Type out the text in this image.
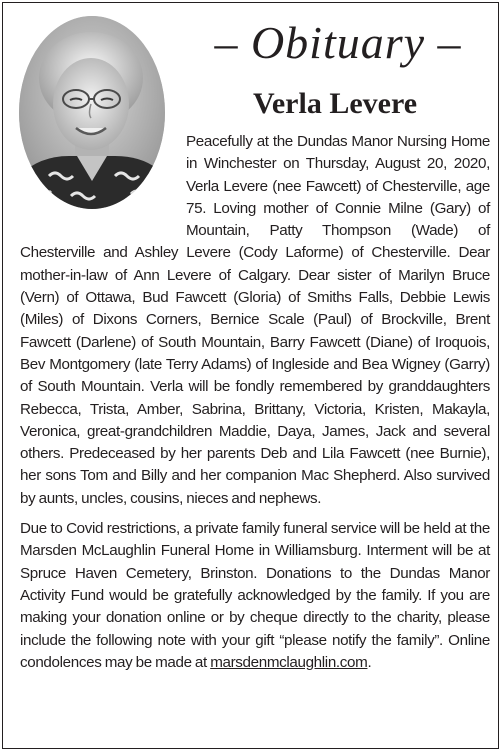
– Obituary –
Verla Levere

Peacefully at the Dundas Manor Nursing Home in Winchester on Thursday, August 20, 2020, Verla Levere (nee Fawcett) of Chesterville, age 75. Loving mother of Connie Milne (Gary) of Mountain, Patty Thompson (Wade) of Chesterville and Ashley Levere (Cody Laforme) of Chesterville. Dear mother-in-law of Ann Levere of Calgary. Dear sister of Marilyn Bruce (Vern) of Ottawa, Bud Fawcett (Gloria) of Smiths Falls, Debbie Lewis (Miles) of Dixons Corners, Bernice Scale (Paul) of Brockville, Brent Fawcett (Darlene) of South Mountain, Barry Fawcett (Diane) of Iroquois, Bev Montgomery (late Terry Adams) of Ingleside and Bea Wigney (Garry) of South Mountain. Verla will be fondly remembered by granddaughters Rebecca, Trista, Amber, Sabrina, Brittany, Victoria, Kristen, Makayla, Veronica, great-grandchildren Maddie, Daya, James, Jack and several others. Predeceased by her parents Deb and Lila Fawcett (nee Burnie), her sons Tom and Billy and her companion Mac Shepherd. Also survived by aunts, uncles, cousins, nieces and nephews.

Due to Covid restrictions, a private family funeral service will be held at the Marsden McLaughlin Funeral Home in Williamsburg. Interment will be at Spruce Haven Cemetery, Brinston. Donations to the Dundas Manor Activity Fund would be gratefully acknowledged by the family. If you are making your donation online or by cheque directly to the charity, please include the following note with your gift “please notify the family”. Online condolences may be made at marsdenmclaughlin.com.
